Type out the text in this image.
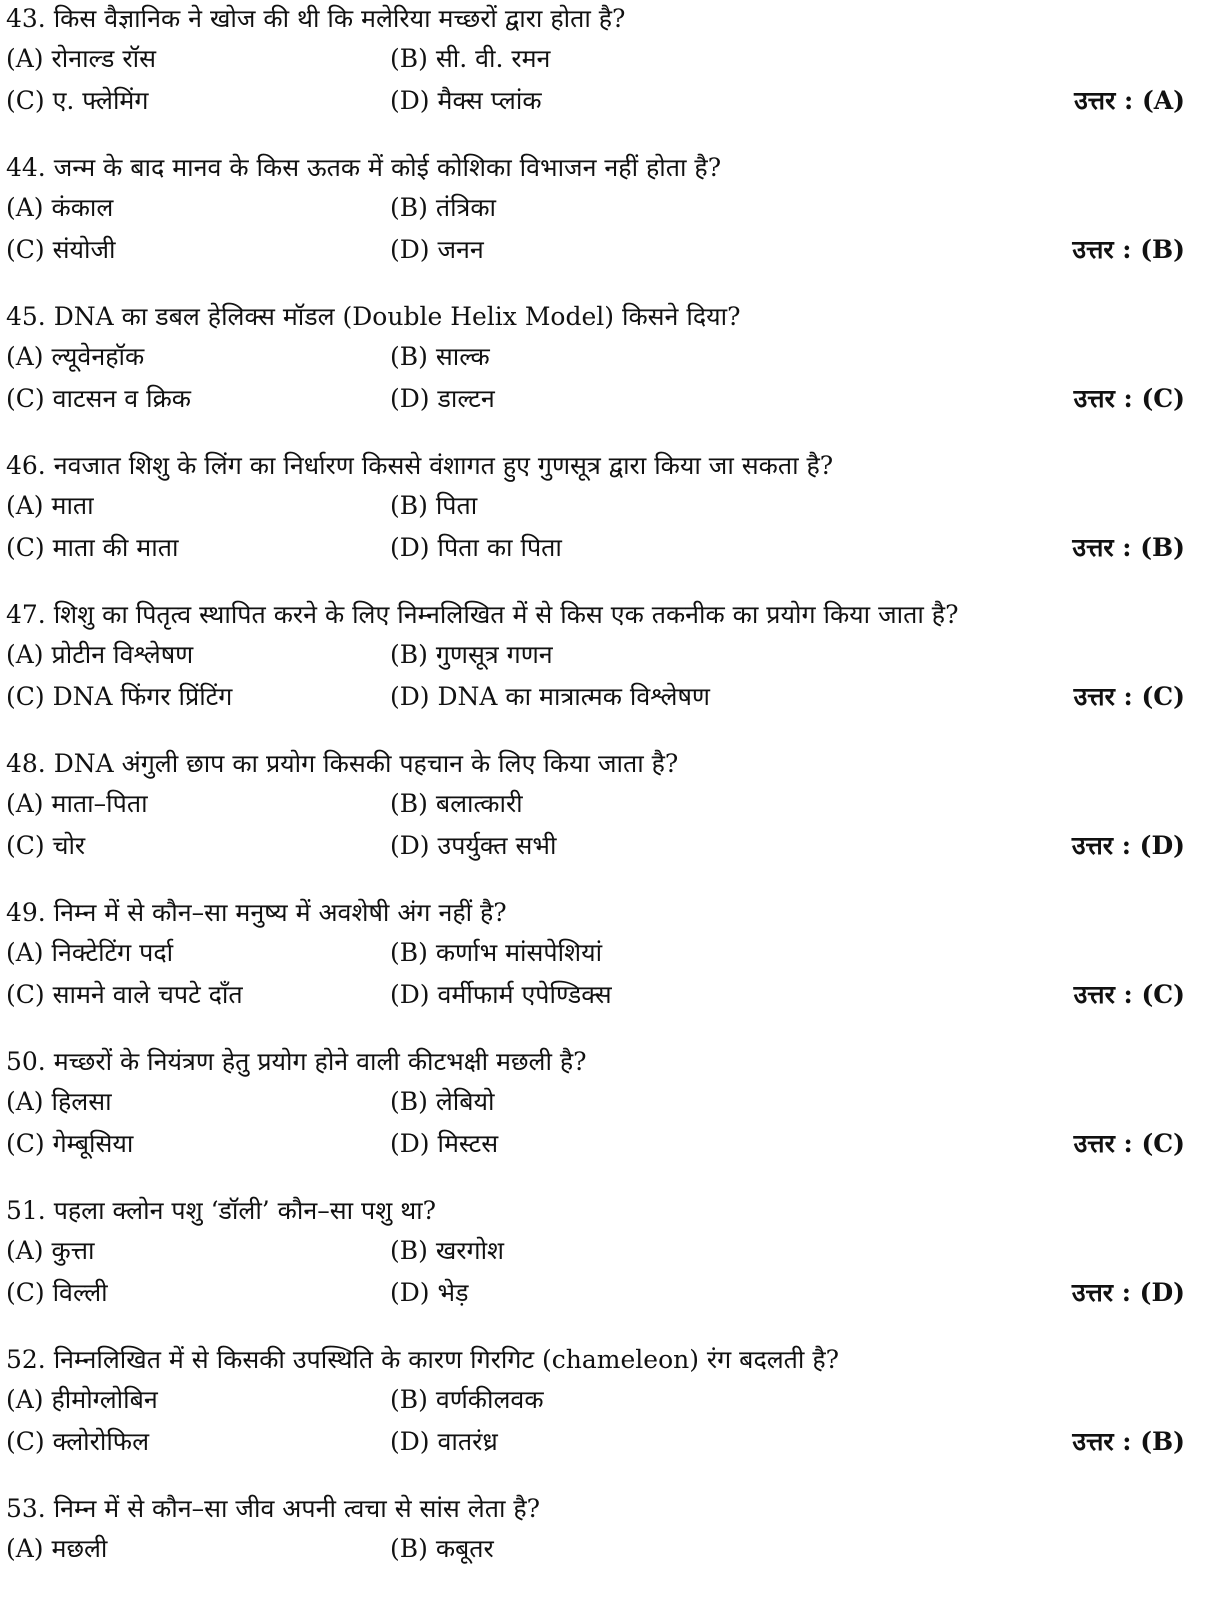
43. किस वैज्ञानिक ने खोज की थी कि मलेरिया मच्छरों द्वारा होता है?
(A) रोनाल्ड रॉस	(B) सी. वी. रमन
(C) ए. फ्लेमिंग	(D) मैक्स प्लांक	उत्तर : (A)
44. जन्म के बाद मानव के किस ऊतक में कोई कोशिका विभाजन नहीं होता है?
(A) कंकाल	(B) तंत्रिका
(C) संयोजी	(D) जनन	उत्तर : (B)
45. DNA का डबल हेलिक्स मॉडल (Double Helix Model) किसने दिया?
(A) ल्यूवेनहॉक	(B) साल्क
(C) वाटसन व क्रिक	(D) डाल्टन	उत्तर : (C)
46. नवजात शिशु के लिंग का निर्धारण किससे वंशागत हुए गुणसूत्र द्वारा किया जा सकता है?
(A) माता	(B) पिता
(C) माता की माता	(D) पिता का पिता	उत्तर : (B)
47. शिशु का पितृत्व स्थापित करने के लिए निम्नलिखित में से किस एक तकनीक का प्रयोग किया जाता है?
(A) प्रोटीन विश्लेषण	(B) गुणसूत्र गणन
(C) DNA फिंगर प्रिंटिंग	(D) DNA का मात्रात्मक विश्लेषण	उत्तर : (C)
48. DNA अंगुली छाप का प्रयोग किसकी पहचान के लिए किया जाता है?
(A) माता–पिता	(B) बलात्कारी
(C) चोर	(D) उपर्युक्त सभी	उत्तर : (D)
49. निम्न में से कौन–सा मनुष्य में अवशेषी अंग नहीं है?
(A) निक्टेटिंग पर्दा	(B) कर्णाभ मांसपेशियां
(C) सामने वाले चपटे दाँत	(D) वर्मीफार्म एपेण्डिक्स	उत्तर : (C)
50. मच्छरों के नियंत्रण हेतु प्रयोग होने वाली कीटभक्षी मछली है?
(A) हिलसा	(B) लेबियो
(C) गेम्बूसिया	(D) मिस्टस	उत्तर : (C)
51. पहला क्लोन पशु ‘डॉली’ कौन–सा पशु था?
(A) कुत्ता	(B) खरगोश
(C) विल्ली	(D) भेड़	उत्तर : (D)
52. निम्नलिखित में से किसकी उपस्थिति के कारण गिरगिट (chameleon) रंग बदलती है?
(A) हीमोग्लोबिन	(B) वर्णकीलवक
(C) क्लोरोफिल	(D) वातरंध्र	उत्तर : (B)
53. निम्न में से कौन–सा जीव अपनी त्वचा से सांस लेता है?
(A) मछली	(B) कबूतर
